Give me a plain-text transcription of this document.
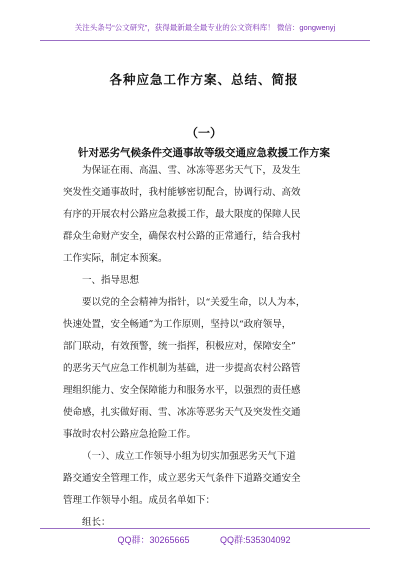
关注头条号“公文研究”，获得最新最全最专业的公文资料库！ 微信：gongwenyj
各种应急工作方案、总结、简报
（一）
针对恶劣气候条件交通事故等级交通应急救援工作方案
为保证在雨、高温、雪、冰冻等恶劣天气下，及发生
突发性交通事故时，我村能够密切配合，协调行动、高效
有序的开展农村公路应急救援工作，最大限度的保障人民
群众生命财产安全，确保农村公路的正常通行，结合我村
工作实际，制定本预案。
一、指导思想
要以党的全会精神为指针，以“关爱生命，以人为本，
快速处置，安全畅通”为工作原则，坚持以“政府领导，
部门联动，有效预警，统一指挥，积极应对，保障安全”
的恶劣天气应急工作机制为基础，进一步提高农村公路管
理组织能力、安全保障能力和服务水平，以强烈的责任感
使命感，扎实做好雨、雪、冰冻等恶劣天气及突发性交通
事故时农村公路应急抢险工作。
（一）、成立工作领导小组为切实加强恶劣天气下道
路交通安全管理工作，成立恶劣天气条件下道路交通安全
管理工作领导小组。成员名单如下：
组长：
QQ群：30265665	QQ群:535304092
